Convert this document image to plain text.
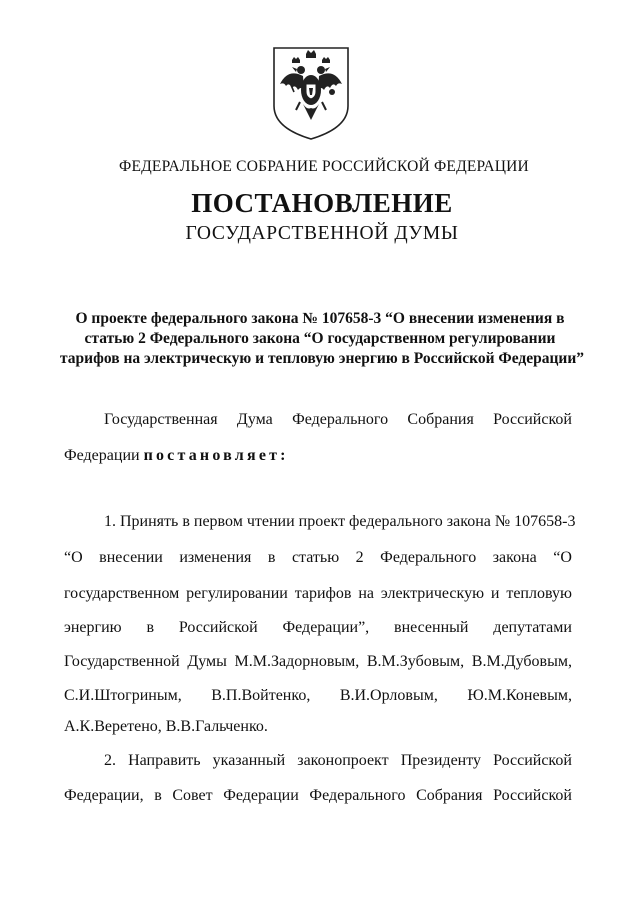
ФЕДЕРАЛЬНОЕ СОБРАНИЕ РОССИЙСКОЙ ФЕДЕРАЦИИ
ПОСТАНОВЛЕНИЕ
ГОСУДАРСТВЕННОЙ ДУМЫ
О проекте федерального закона № 107658-3 “О внесении изменения в
статью 2 Федерального закона “О государственном регулировании
тарифов на электрическую и тепловую энергию в Российской Федерации”
Государственная Дума Федерального Собрания Российской
Федерации постановляет:
1. Принять в первом чтении проект федерального закона № 107658-3
“О внесении изменения в статью 2 Федерального закона “О
государственном регулировании тарифов на электрическую и тепловую
энергию в Российской Федерации”, внесенный депутатами
Государственной Думы М.М.Задорновым, В.М.Зубовым, В.М.Дубовым,
С.И.Штогриным, В.П.Войтенко, В.И.Орловым, Ю.М.Коневым,
А.К.Веретено, В.В.Гальченко.
2. Направить указанный законопроект Президенту Российской
Федерации, в Совет Федерации Федерального Собрания Российской
